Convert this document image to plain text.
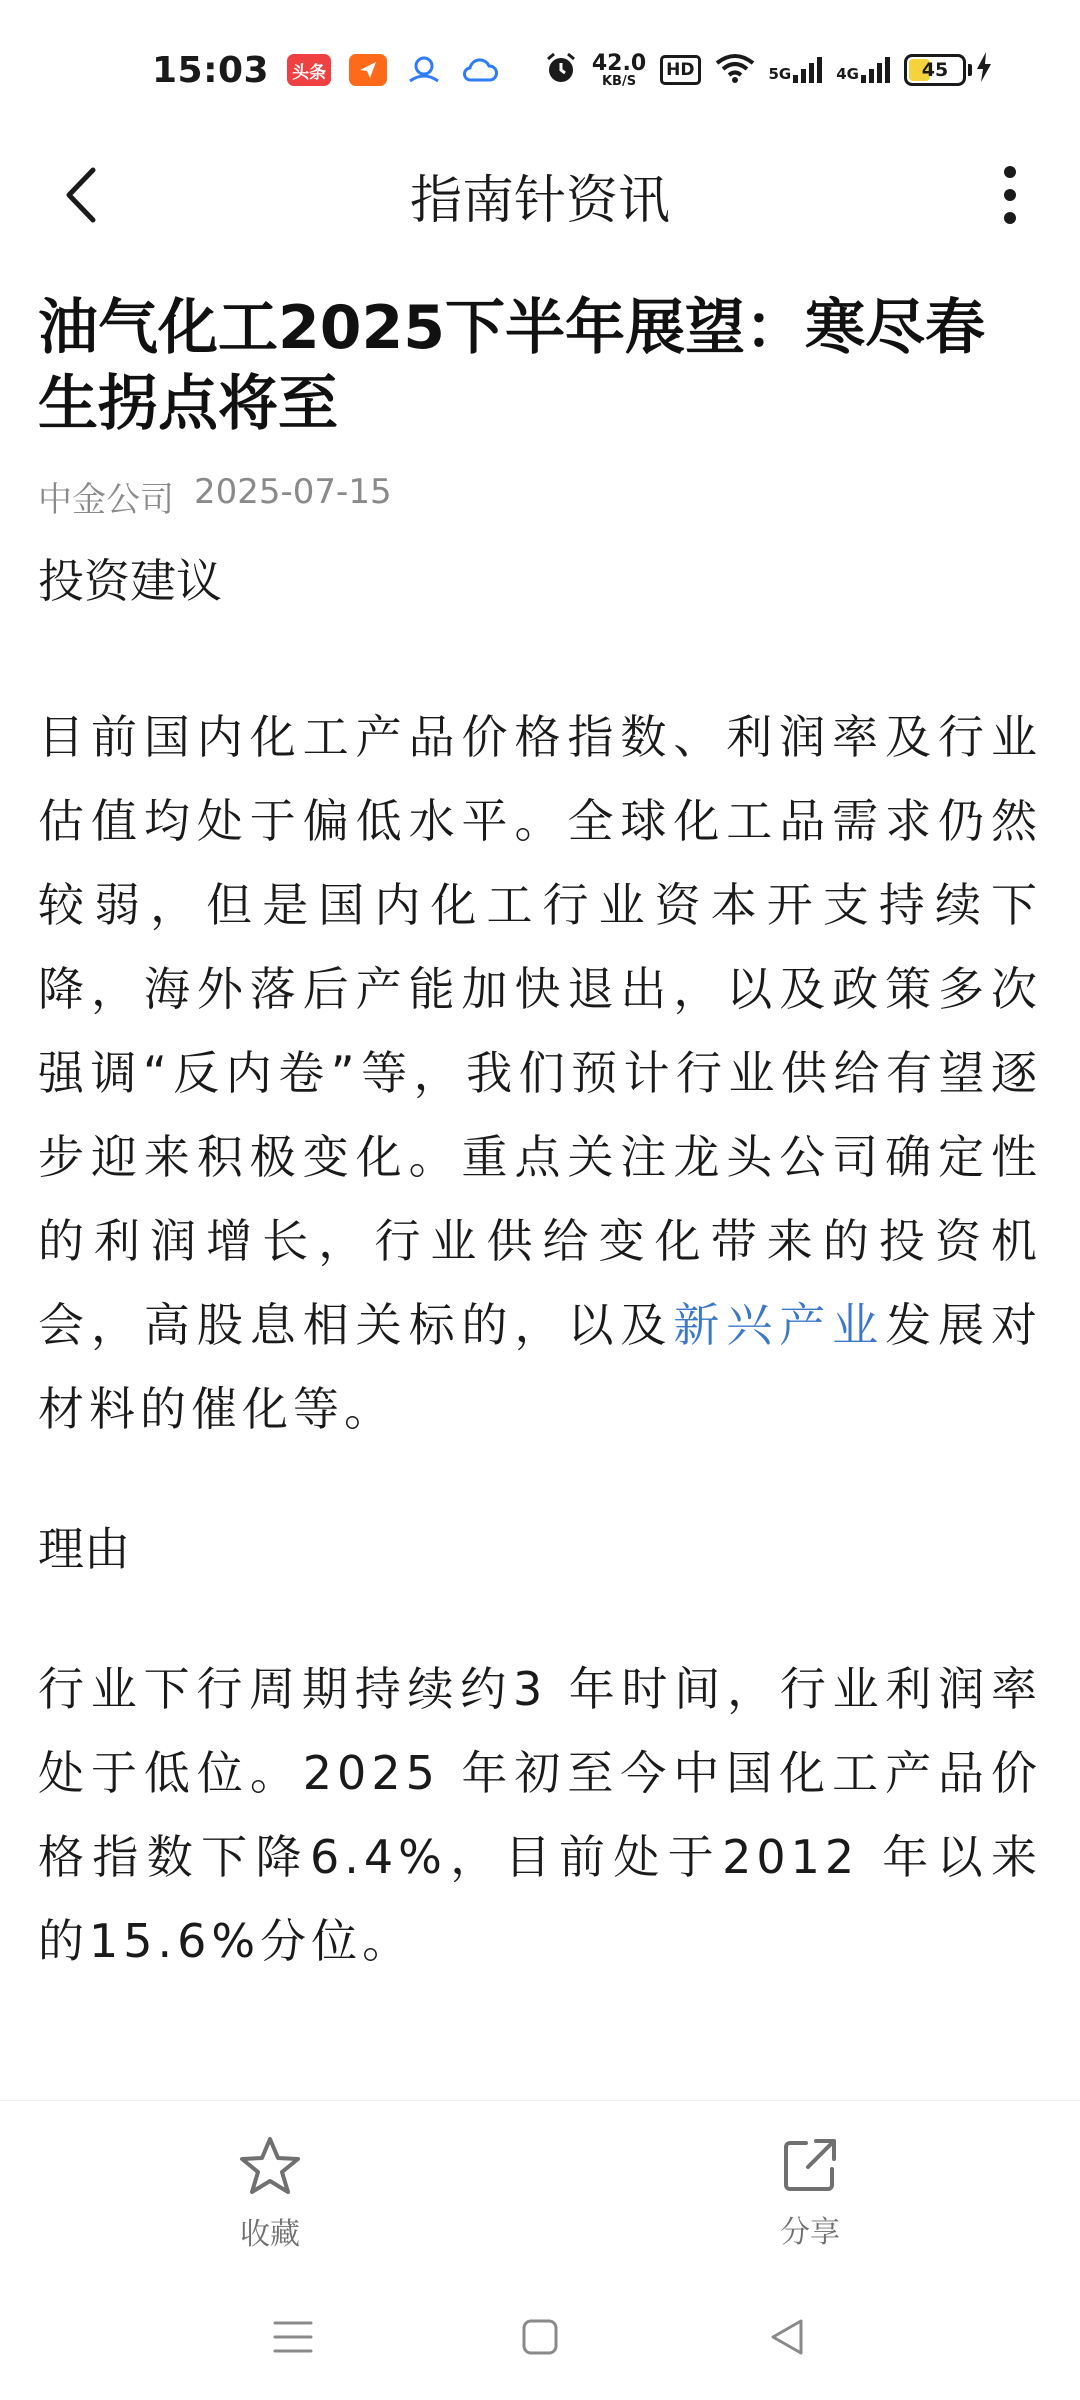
15:03 头条	42.0
KB/S
HD	5G	4G	45
指南针资讯
油气化工2025下半年展望：寒尽春生拐点将至
中金公司 2025-07-15
投资建议

目前国内化工产品价格指数、利润率及行业估值均处于偏低水平。全球化工品需求仍然较弱，但是国内化工行业资本开支持续下降，海外落后产能加快退出，以及政策多次强调“反内卷”等，我们预计行业供给有望逐步迎来积极变化。重点关注龙头公司确定性的利润增长，行业供给变化带来的投资机会，高股息相关标的，以及新兴产业发展对材料的催化等。

理由

行业下行周期持续约3 年时间，行业利润率处于低位。2025 年初至今中国化工产品价格指数下降6.4%，目前处于2012 年以来的15.6%分位。

收藏	分享
